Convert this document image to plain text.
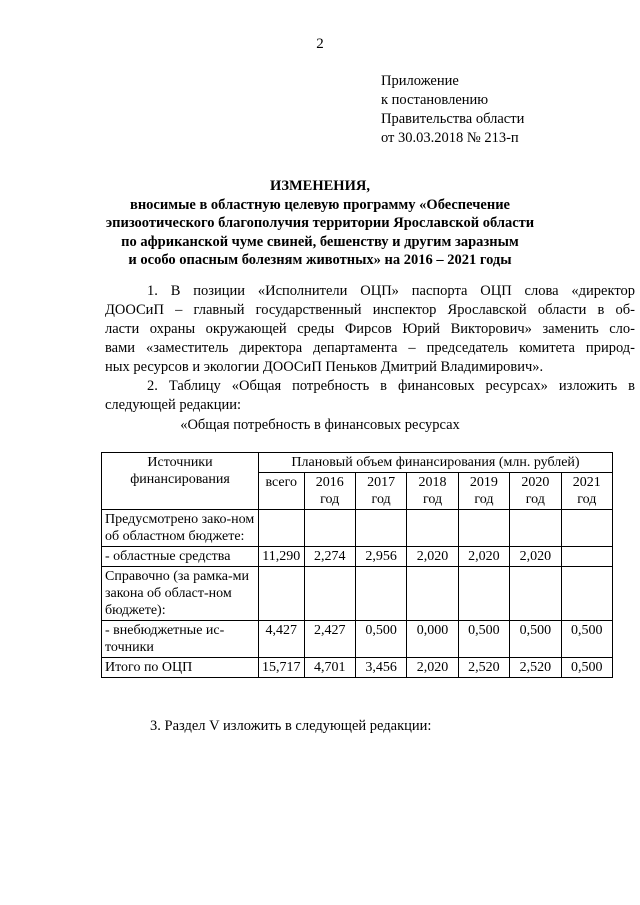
2
Приложение
к постановлению
Правительства области
от 30.03.2018 № 213-п
ИЗМЕНЕНИЯ,
вносимые в областную целевую программу «Обеспечение
эпизоотического благополучия территории Ярославской области
по африканской чуме свиней, бешенству и другим заразным
и особо опасным болезням животных» на 2016 – 2021 годы
1. В позиции «Исполнители ОЦП» паспорта ОЦП слова «директор
ДООСиП – главный государственный инспектор Ярославской области в об-
ласти охраны окружающей среды Фирсов Юрий Викторович» заменить сло-
вами «заместитель директора департамента – председатель комитета природ-
ных ресурсов и экологии ДООСиП Пеньков Дмитрий Владимирович».
2. Таблицу «Общая потребность в финансовых ресурсах» изложить в
следующей редакции:
«Общая потребность в финансовых ресурсах
Источники финансирования	Плановый объем финансирования (млн. рублей)						
	всего	2016 год	2017 год	2018 год	2019 год	2020 год	2021 год
Предусмотрено зако-ном об областном бюджете:							
- областные средства	11,290	2,274	2,956	2,020	2,020	2,020	
Справочно (за рамка-ми закона об област-ном бюджете):							
- внебюджетные ис-точники	4,427	2,427	0,500	0,000	0,500	0,500	0,500
Итого по ОЦП	15,717	4,701	3,456	2,020	2,520	2,520	0,500
3. Раздел V изложить в следующей редакции:
